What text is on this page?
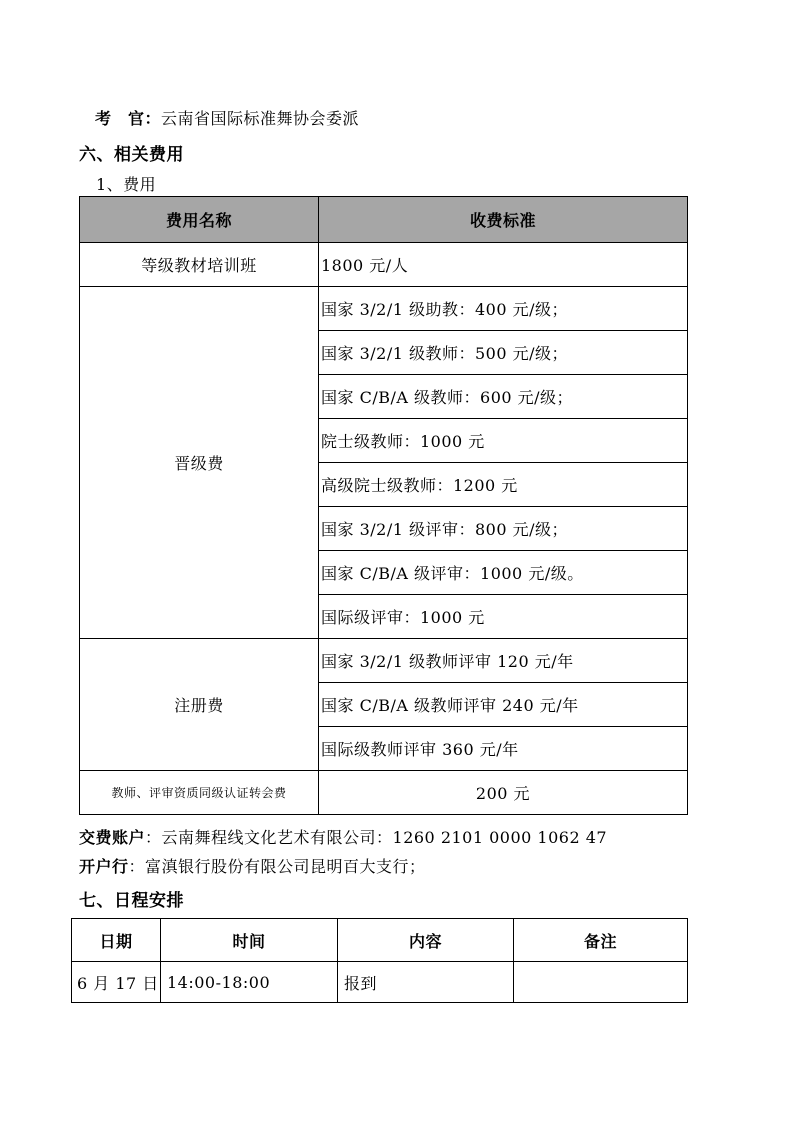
考　官：云南省国际标准舞协会委派
六、相关费用
1、费用
费用名称	收费标准
等级教材培训班	1800 元/人
晋级费	国家 3/2/1 级助教：400 元/级；
	国家 3/2/1 级教师：500 元/级；
	国家 C/B/A 级教师：600 元/级；
	院士级教师：1000 元
	高级院士级教师：1200 元
	国家 3/2/1 级评审：800 元/级；
	国家 C/B/A 级评审：1000 元/级。
	国际级评审：1000 元
注册费	国家 3/2/1 级教师评审 120 元/年
	国家 C/B/A 级教师评审 240 元/年
	国际级教师评审 360 元/年
教师、评审资质同级认证转会费	200 元
交费账户：云南舞程线文化艺术有限公司：1260 2101 0000 1062 47
开户行：富滇银行股份有限公司昆明百大支行；
七、日程安排
日期	时间	内容	备注
6 月 17 日	14:00-18:00	报到	
